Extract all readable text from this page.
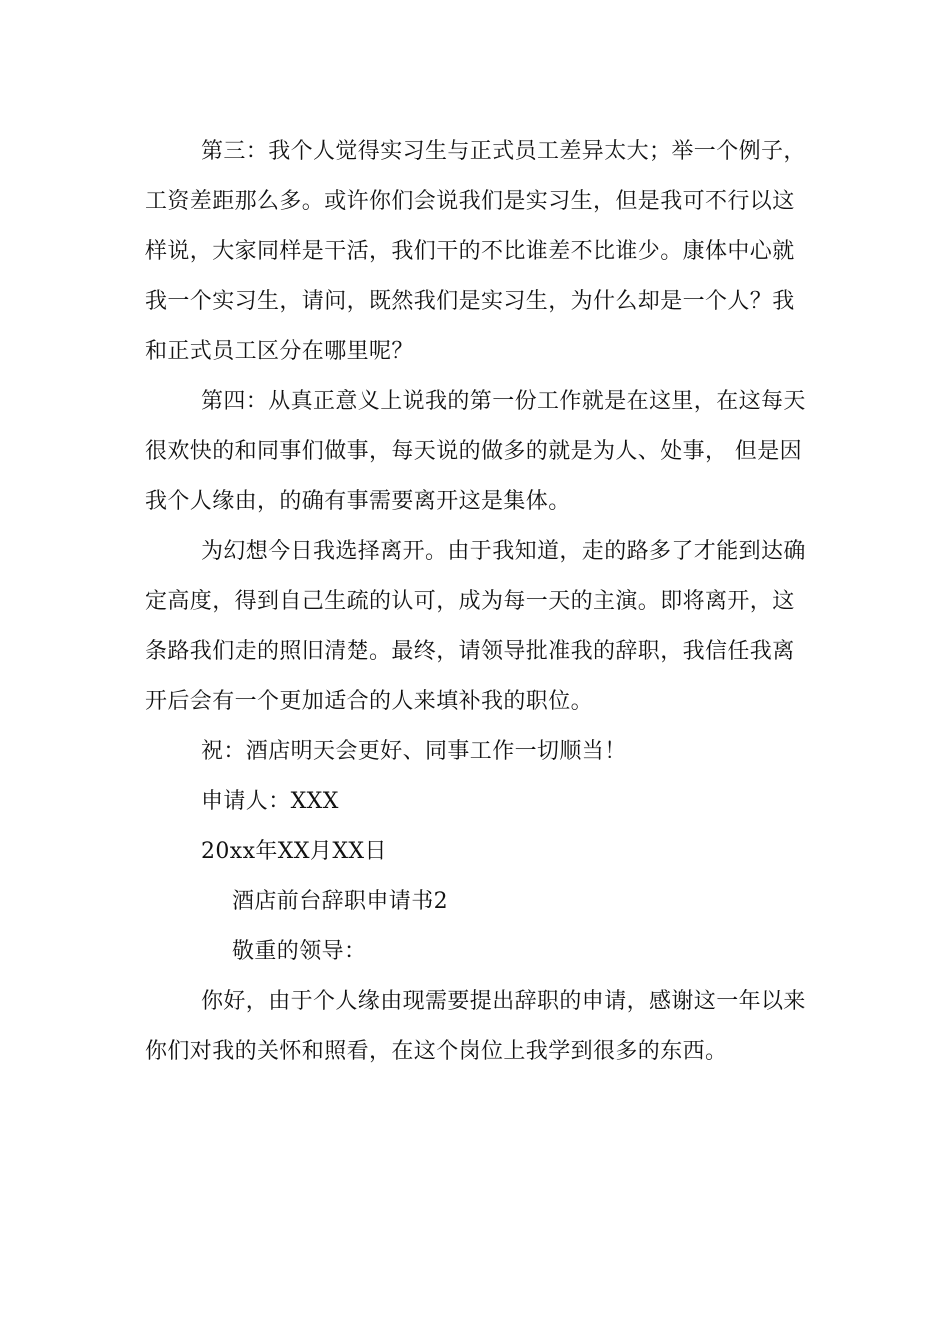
第三：我个人觉得实习生与正式员工差异太大；举一个例子，
工资差距那么多。或许你们会说我们是实习生，但是我可不行以这
样说，大家同样是干活，我们干的不比谁差不比谁少。康体中心就
我一个实习生，请问，既然我们是实习生，为什么却是一个人？我
和正式员工区分在哪里呢？
第四：从真正意义上说我的第一份工作就是在这里，在这每天
很欢快的和同事们做事，每天说的做多的就是为人、处事， 但是因
我个人缘由，的确有事需要离开这是集体。
为幻想今日我选择离开。由于我知道，走的路多了才能到达确
定高度，得到自己生疏的认可，成为每一天的主演。即将离开，这
条路我们走的照旧清楚。最终，请领导批准我的辞职，我信任我离
开后会有一个更加适合的人来填补我的职位。
祝：酒店明天会更好、同事工作一切顺当！
申请人：XXX
20xx年XX月XX日
酒店前台辞职申请书2
敬重的领导：
你好，由于个人缘由现需要提出辞职的申请，感谢这一年以来
你们对我的关怀和照看，在这个岗位上我学到很多的东西。
